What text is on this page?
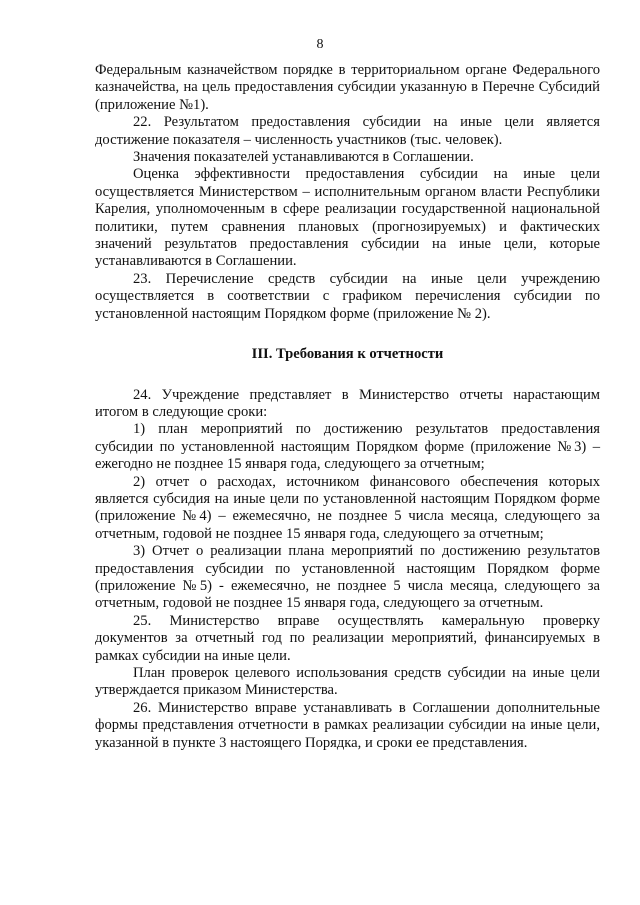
8

Федеральным казначейством порядке в территориальном органе Федерального казначейства, на цель предоставления субсидии указанную в Перечне Субсидий (приложение №1).

22. Результатом предоставления субсидии на иные цели является достижение показателя – численность участников (тыс. человек).

Значения показателей устанавливаются в Соглашении.

Оценка эффективности предоставления субсидии на иные цели осуществляется Министерством – исполнительным органом власти Республики Карелия, уполномоченным в сфере реализации государственной национальной политики, путем сравнения плановых (прогнозируемых) и фактических значений результатов предоставления субсидии на иные цели, которые устанавливаются в Соглашении.

23. Перечисление средств субсидии на иные цели учреждению осуществляется в соответствии с графиком перечисления субсидии по установленной настоящим Порядком форме (приложение № 2).

III. Требования к отчетности

24. Учреждение представляет в Министерство отчеты нарастающим итогом в следующие сроки:

1) план мероприятий по достижению результатов предоставления субсидии по установленной настоящим Порядком форме (приложение №3) – ежегодно не позднее 15 января года, следующего за отчетным;

2) отчет о расходах, источником финансового обеспечения которых является субсидия на иные цели по установленной настоящим Порядком форме (приложение №4) – ежемесячно, не позднее 5 числа месяца, следующего за отчетным, годовой не позднее 15 января года, следующего за отчетным;

3) Отчет о реализации плана мероприятий по достижению результатов предоставления субсидии по установленной настоящим Порядком форме (приложение №5) - ежемесячно, не позднее 5 числа месяца, следующего за отчетным, годовой не позднее 15 января года, следующего за отчетным.

25. Министерство вправе осуществлять камеральную проверку документов за отчетный год по реализации мероприятий, финансируемых в рамках субсидии на иные цели.

План проверок целевого использования средств субсидии на иные цели утверждается приказом Министерства.

26. Министерство вправе устанавливать в Соглашении дополнительные формы представления отчетности в рамках реализации субсидии на иные цели, указанной в пункте 3 настоящего Порядка, и сроки ее представления.
